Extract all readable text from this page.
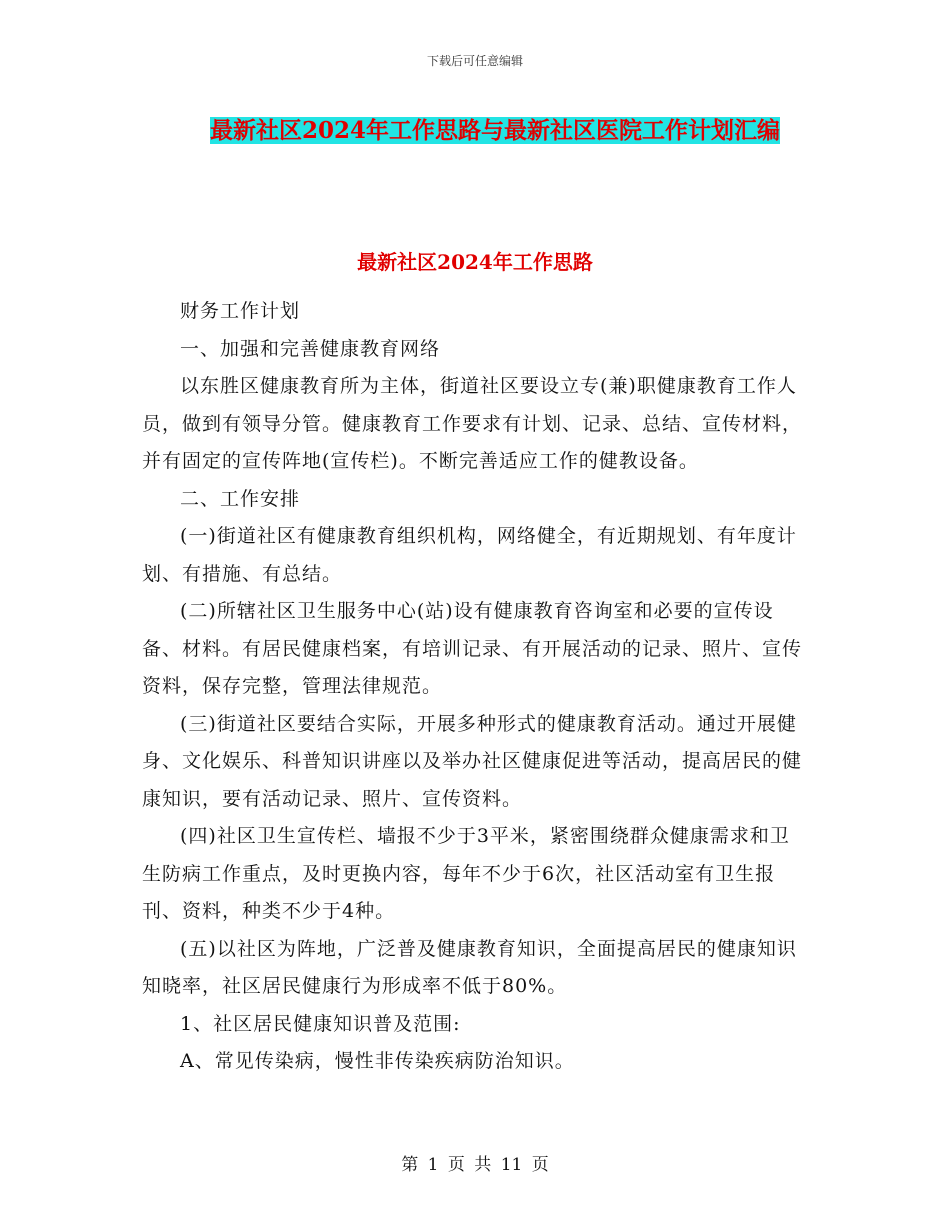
下载后可任意编辑
最新社区2024年工作思路与最新社区医院工作计划汇编
最新社区2024年工作思路

财务工作计划

一、加强和完善健康教育网络

以东胜区健康教育所为主体，街道社区要设立专(兼)职健康教育工作人员，做到有领导分管。健康教育工作要求有计划、记录、总结、宣传材料，并有固定的宣传阵地(宣传栏)。不断完善适应工作的健教设备。

二、工作安排

(一)街道社区有健康教育组织机构，网络健全，有近期规划、有年度计划、有措施、有总结。

(二)所辖社区卫生服务中心(站)设有健康教育咨询室和必要的宣传设备、材料。有居民健康档案，有培训记录、有开展活动的记录、照片、宣传资料，保存完整，管理法律规范。

(三)街道社区要结合实际，开展多种形式的健康教育活动。通过开展健身、文化娱乐、科普知识讲座以及举办社区健康促进等活动，提高居民的健康知识，要有活动记录、照片、宣传资料。

(四)社区卫生宣传栏、墙报不少于3平米，紧密围绕群众健康需求和卫生防病工作重点，及时更换内容，每年不少于6次，社区活动室有卫生报刊、资料，种类不少于4种。

(五)以社区为阵地，广泛普及健康教育知识，全面提高居民的健康知识知晓率，社区居民健康行为形成率不低于80%。

1、社区居民健康知识普及范围:

A、常见传染病，慢性非传染疾病防治知识。

第 1 页 共 11 页
